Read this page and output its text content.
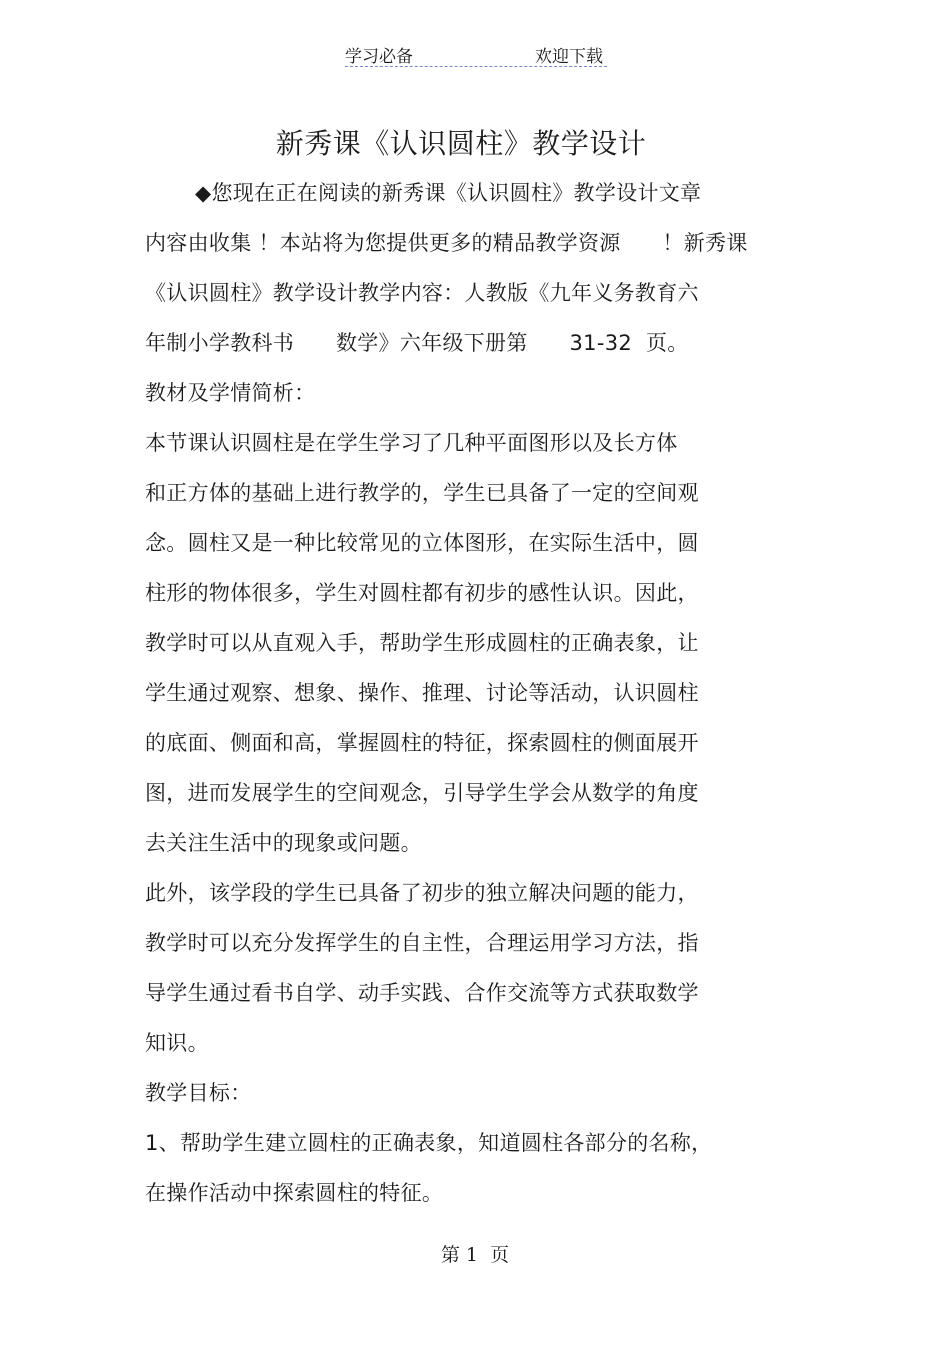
学习必备	欢迎下载
新秀课《认识圆柱》教学设计
◆您现在正在阅读的新秀课《认识圆柱》教学设计文章
内容由收集 ！本站将为您提供更多的精品教学资源      ！新秀课
《认识圆柱》教学设计教学内容：人教版《九年义务教育六
年制小学教科书      数学》六年级下册第      31-32  页。
教材及学情简析：
本节课认识圆柱是在学生学习了几种平面图形以及长方体
和正方体的基础上进行教学的，学生已具备了一定的空间观
念。圆柱又是一种比较常见的立体图形，在实际生活中，圆
柱形的物体很多，学生对圆柱都有初步的感性认识。因此，
教学时可以从直观入手，帮助学生形成圆柱的正确表象，让
学生通过观察、想象、操作、推理、讨论等活动，认识圆柱
的底面、侧面和高，掌握圆柱的特征，探索圆柱的侧面展开
图，进而发展学生的空间观念，引导学生学会从数学的角度
去关注生活中的现象或问题。
此外，该学段的学生已具备了初步的独立解决问题的能力，
教学时可以充分发挥学生的自主性，合理运用学习方法，指
导学生通过看书自学、动手实践、合作交流等方式获取数学
知识。
教学目标：
1、帮助学生建立圆柱的正确表象，知道圆柱各部分的名称，
在操作活动中探索圆柱的特征。
第 1  页
